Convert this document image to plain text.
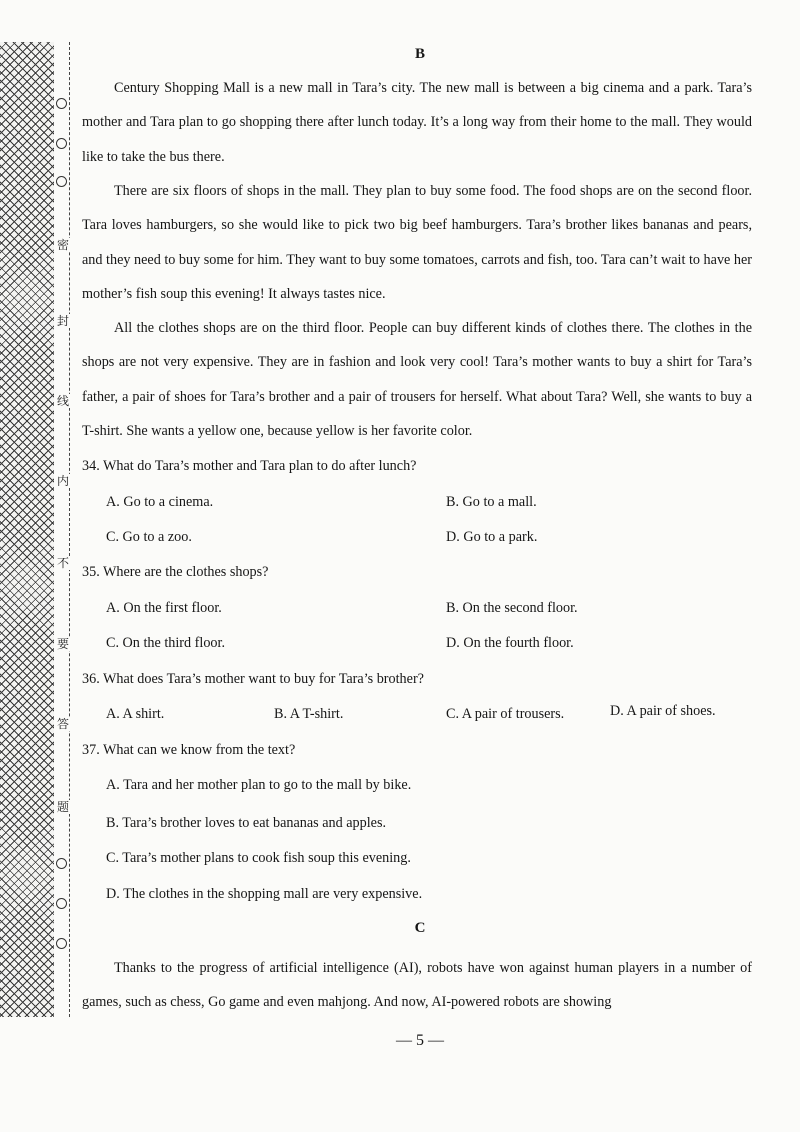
密
封
线
内
不
要
答
题
B

Century Shopping Mall is a new mall in Tara’s city. The new mall is between a big cinema and a park. Tara’s mother and Tara plan to go shopping there after lunch today. It’s a long way from their home to the mall. They would like to take the bus there.

There are six floors of shops in the mall. They plan to buy some food. The food shops are on the second floor. Tara loves hamburgers, so she would like to pick two big beef hamburgers. Tara’s brother likes bananas and pears, and they need to buy some for him. They want to buy some tomatoes, carrots and fish, too. Tara can’t wait to have her mother’s fish soup this evening! It always tastes nice.

All the clothes shops are on the third floor. People can buy different kinds of clothes there. The clothes in the shops are not very expensive. They are in fashion and look very cool! Tara’s mother wants to buy a shirt for Tara’s father, a pair of shoes for Tara’s brother and a pair of trousers for herself. What about Tara? Well, she wants to buy a T-shirt. She wants a yellow one, because yellow is her favorite color.

34. What do Tara’s mother and Tara plan to do after lunch?

A. Go to a cinema.	B. Go to a mall.

C. Go to a zoo.	D. Go to a park.

35. Where are the clothes shops?

A. On the first floor.	B. On the second floor.

C. On the third floor.	D. On the fourth floor.

36. What does Tara’s mother want to buy for Tara’s brother?

A. A shirt.	B. A T-shirt.	C. A pair of trousers.	D. A pair of shoes.

37. What can we know from the text?

A. Tara and her mother plan to go to the mall by bike.

B. Tara’s brother loves to eat bananas and apples.

C. Tara’s mother plans to cook fish soup this evening.

D. The clothes in the shopping mall are very expensive.

C

Thanks to the progress of artificial intelligence (AI), robots have won against human players in a number of games, such as chess, Go game and even mahjong. And now, AI-powered robots are showing

— 5 —
